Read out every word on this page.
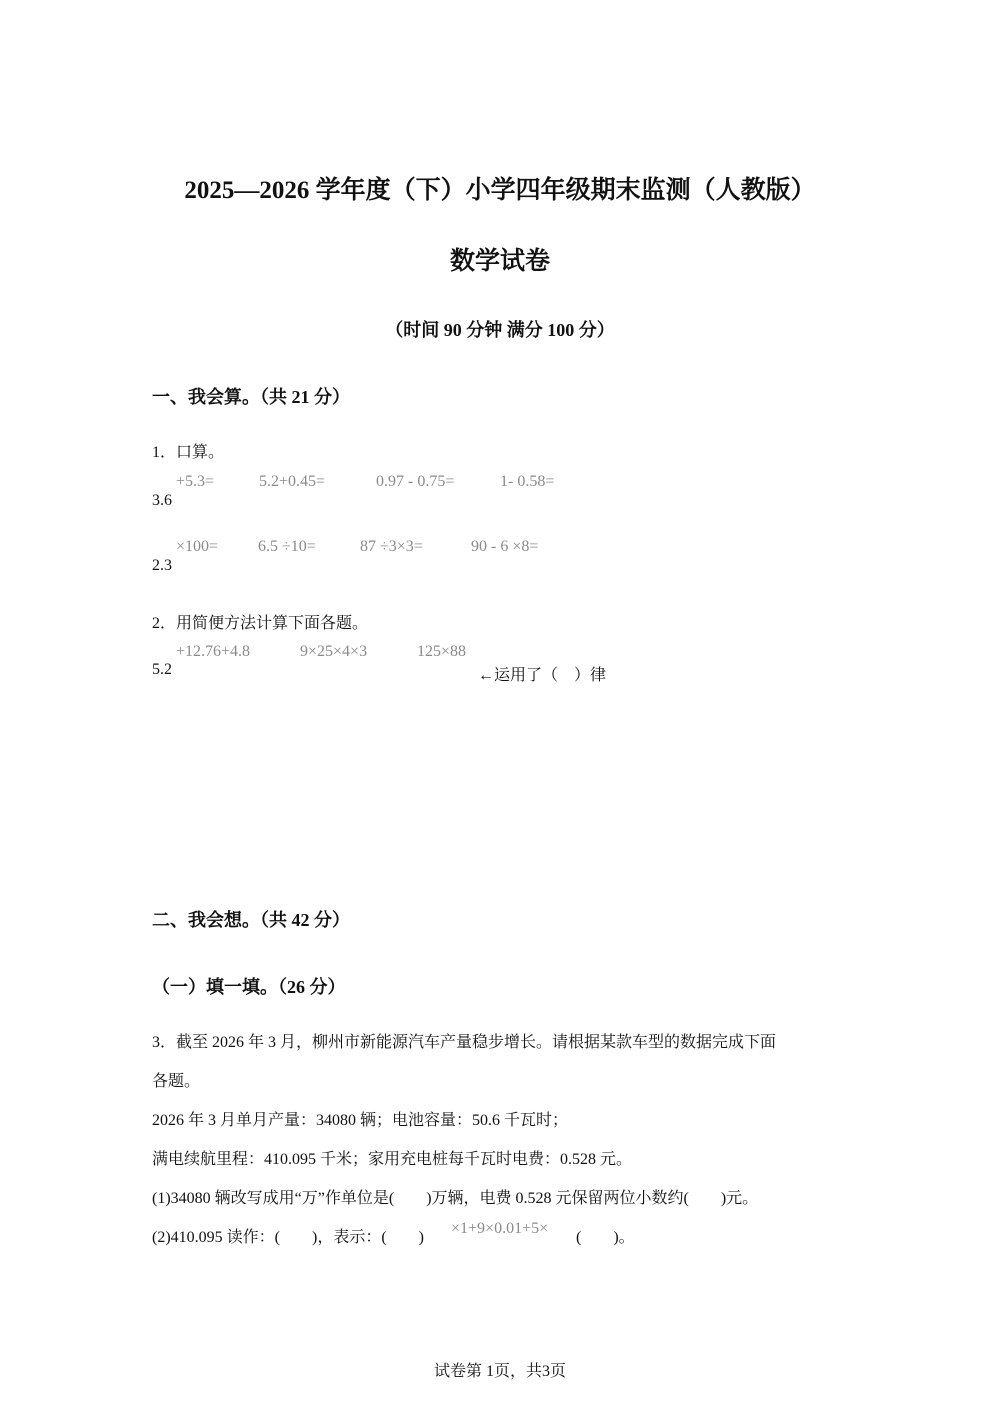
2025—2026 学年度（下）小学四年级期末监测（人教版）
数学试卷
（时间 90 分钟 满分 100 分）
一、我会算。（共 21 分）
1．口算。
3.6
+5.3=	5.2+0.45=	0.97 - 0.75=	1- 0.58=
2.3
×100= 6.5 ÷10=	87 ÷3×3=	90 - 6 ×8=
2．用简便方法计算下面各题。
5.2
+12.76+4.8	9×25×4×3	125×88
←运用了（　）律
二、我会想。（共 42 分）
（一）填一填。（26 分）
3．截至 2026 年 3 月，柳州市新能源汽车产量稳步增长。请根据某款车型的数据完成下面
各题。
2026 年 3 月单月产量：34080 辆；电池容量：50.6 千瓦时；
满电续航里程：410.095 千米；家用充电桩每千瓦时电费：0.528 元。
(1)34080 辆改写成用“万”作单位是(　　)万辆，电费 0.528 元保留两位小数约(　　)元。
(2)410.095 读作：(　　)，表示：(　　)
×1+9×0.01+5×
(　　)。
试卷第 1页，共3页
